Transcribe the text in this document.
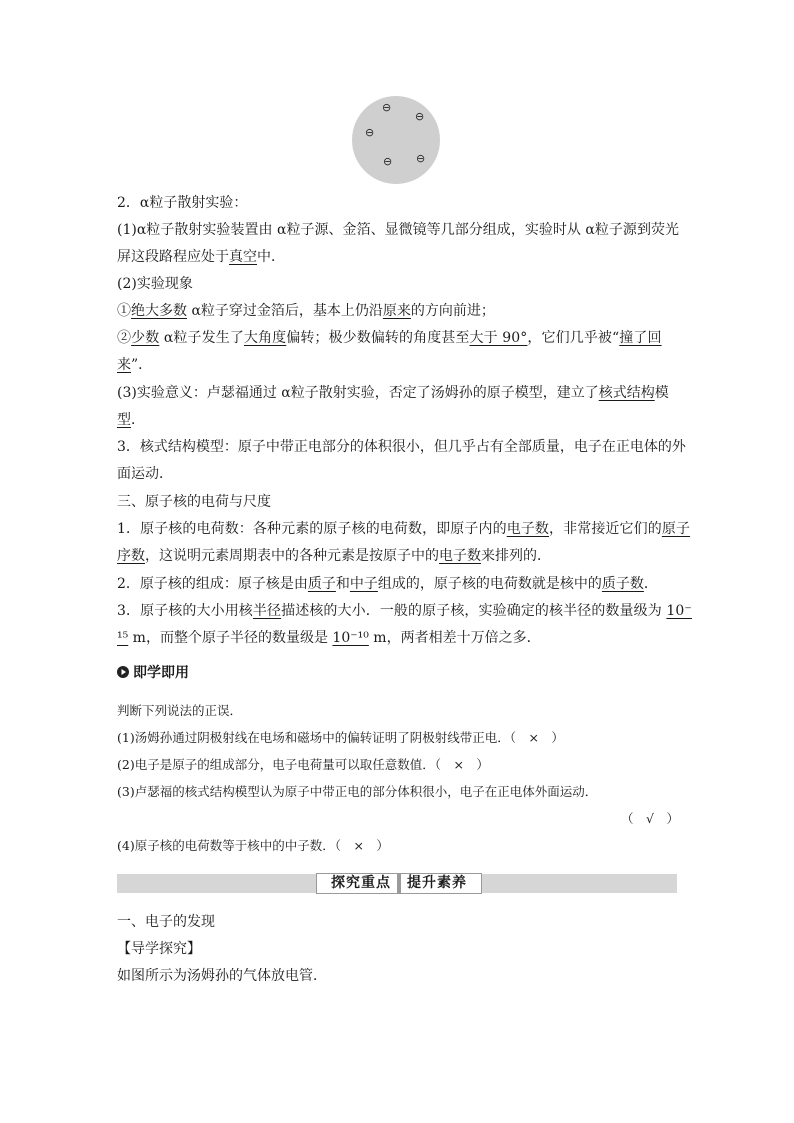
⊖
⊖
⊖
⊖ ⊖
2．α粒子散射实验：
(1)α粒子散射实验装置由 α粒子源、金箔、显微镜等几部分组成，实验时从 α粒子源到荧光
屏这段路程应处于真空中．
(2)实验现象
①绝大多数 α粒子穿过金箔后，基本上仍沿原来的方向前进；
②少数 α粒子发生了大角度偏转；极少数偏转的角度甚至大于 90°，它们几乎被“撞了回
来”．
(3)实验意义：卢瑟福通过 α粒子散射实验，否定了汤姆孙的原子模型，建立了核式结构模
型．
3．核式结构模型：原子中带正电部分的体积很小，但几乎占有全部质量，电子在正电体的外
面运动．
三、原子核的电荷与尺度
1．原子核的电荷数：各种元素的原子核的电荷数，即原子内的电子数，非常接近它们的原子
序数，这说明元素周期表中的各种元素是按原子中的电子数来排列的．
2．原子核的组成：原子核是由质子和中子组成的，原子核的电荷数就是核中的质子数．
3．原子核的大小用核半径描述核的大小．一般的原子核，实验确定的核半径的数量级为 10⁻
¹⁵ m，而整个原子半径的数量级是 10⁻¹⁰ m，两者相差十万倍之多．
即学即用
判断下列说法的正误．
(1)汤姆孙通过阴极射线在电场和磁场中的偏转证明了阴极射线带正电．（　×　）
(2)电子是原子的组成部分，电子电荷量可以取任意数值．（　×　）
(3)卢瑟福的核式结构模型认为原子中带正电的部分体积很小，电子在正电体外面运动．
（　√　）
(4)原子核的电荷数等于核中的中子数．（　×　）
探究重点 提升素养
一、电子的发现
【导学探究】
如图所示为汤姆孙的气体放电管．
